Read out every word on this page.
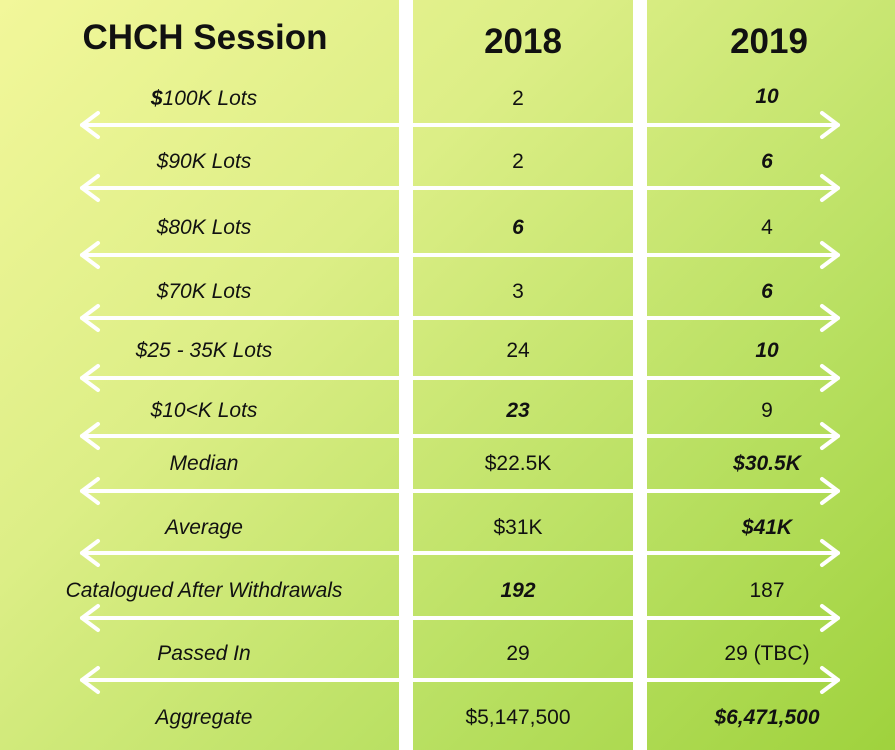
CHCH Session	2018	2019
$100K Lots	2	10
$90K Lots	2	6
$80K Lots	6	4
$70K Lots	3	6
$25 - 35K Lots	24	10
$10<K Lots	23	9
Median	$22.5K	$30.5K
Average	$31K	$41K
Catalogued After Withdrawals	192	187
Passed In	29	29 (TBC)
Aggregate	$5,147,500	$6,471,500
